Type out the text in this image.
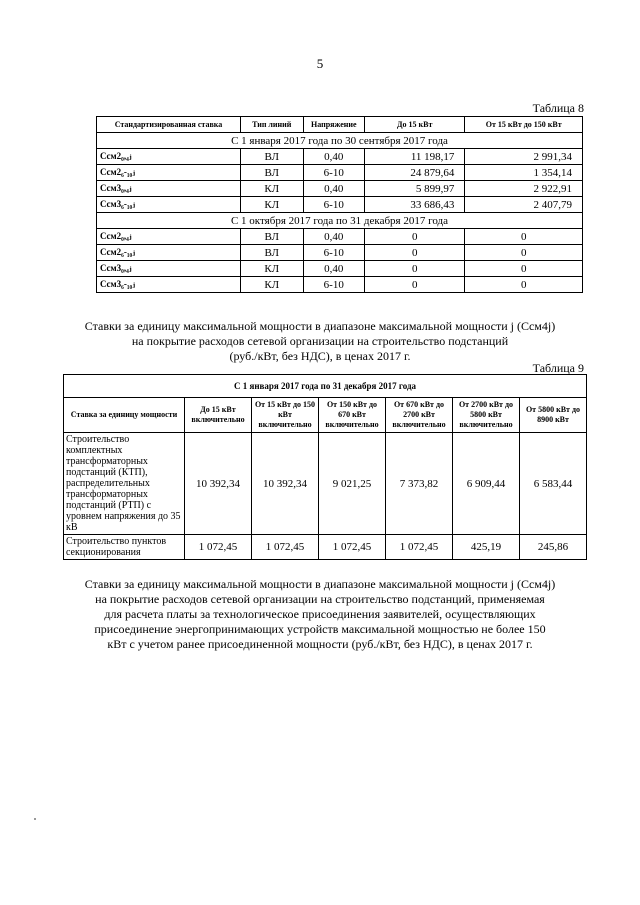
5
Таблица 8
Стандартизированная ставка	Тип линий	Напряжение	До 15 кВт	От 15 кВт до 150 кВт
С 1 января 2017 года по 30 сентября 2017 года				
Cсм2₀,₄ⱼ	ВЛ	0,40	11 198,17	2 991,34
Cсм2₆-₁₀ⱼ	ВЛ	6-10	24 879,64	1 354,14
Cсм3₀,₄ⱼ	КЛ	0,40	5 899,97	2 922,91
Cсм3₆-₁₀ⱼ	КЛ	6-10	33 686,43	2 407,79
С 1 октября 2017 года по 31 декабря 2017 года				
Cсм2₀,₄ⱼ	ВЛ	0,40	0	0
Cсм2₆-₁₀ⱼ	ВЛ	6-10	0	0
Cсм3₀,₄ⱼ	КЛ	0,40	0	0
Cсм3₆-₁₀ⱼ	КЛ	6-10	0	0
Ставки за единицу максимальной мощности в диапазоне максимальной мощности j (Cсм4j)
на покрытие расходов сетевой организации на строительство подстанций
(руб./кВт, без НДС), в ценах 2017 г.
Таблица 9
С 1 января 2017 года по 31 декабря 2017 года						
Ставка за единицу мощности	До 15 кВт включительно	От 15 кВт до 150 кВт включительно	От 150 кВт до 670 кВт включительно	От 670 кВт до 2700 кВт включительно	От 2700 кВт до 5800 кВт включительно	От 5800 кВт до 8900 кВт
Строительство комплектных трансформаторных подстанций (КТП), распределительных трансформаторных подстанций (РТП) с уровнем напряжения до 35 кВ	10 392,34	10 392,34	9 021,25	7 373,82	6 909,44	6 583,44
Строительство пунктов секционирования	1 072,45	1 072,45	1 072,45	1 072,45	425,19	245,86
Ставки за единицу максимальной мощности в диапазоне максимальной мощности j (Cсм4j)
на покрытие расходов сетевой организации на строительство подстанций, применяемая
для расчета платы за технологическое присоединения заявителей, осуществляющих
присоединение энергопринимающих устройств максимальной мощностью не более 150
кВт с учетом ранее присоединенной мощности (руб./кВт, без НДС), в ценах 2017 г.
